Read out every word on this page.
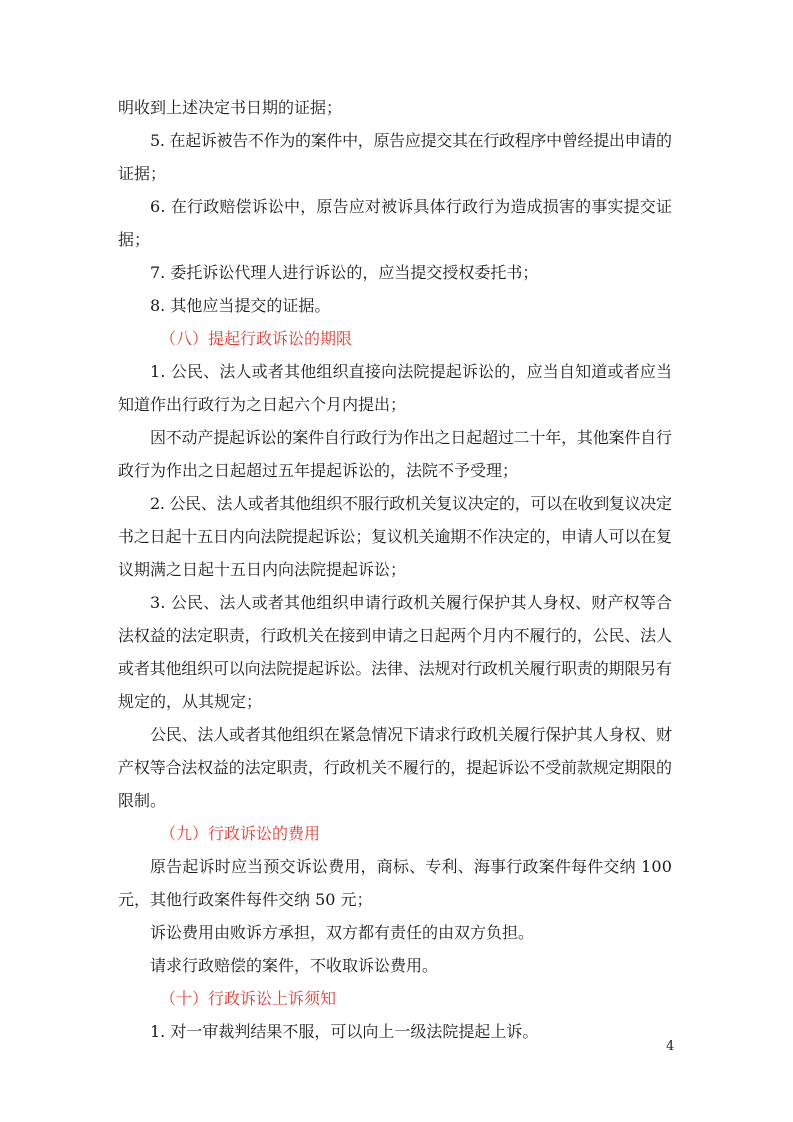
明收到上述决定书日期的证据；
5. 在起诉被告不作为的案件中，原告应提交其在行政程序中曾经提出申请的
证据；
6. 在行政赔偿诉讼中，原告应对被诉具体行政行为造成损害的事实提交证
据；
7. 委托诉讼代理人进行诉讼的，应当提交授权委托书；
8. 其他应当提交的证据。
（八）提起行政诉讼的期限
1. 公民、法人或者其他组织直接向法院提起诉讼的，应当自知道或者应当
知道作出行政行为之日起六个月内提出；
因不动产提起诉讼的案件自行政行为作出之日起超过二十年，其他案件自行
政行为作出之日起超过五年提起诉讼的，法院不予受理；
2. 公民、法人或者其他组织不服行政机关复议决定的，可以在收到复议决定
书之日起十五日内向法院提起诉讼；复议机关逾期不作决定的，申请人可以在复
议期满之日起十五日内向法院提起诉讼；
3. 公民、法人或者其他组织申请行政机关履行保护其人身权、财产权等合
法权益的法定职责，行政机关在接到申请之日起两个月内不履行的，公民、法人
或者其他组织可以向法院提起诉讼。法律、法规对行政机关履行职责的期限另有
规定的，从其规定；
公民、法人或者其他组织在紧急情况下请求行政机关履行保护其人身权、财
产权等合法权益的法定职责，行政机关不履行的，提起诉讼不受前款规定期限的
限制。
（九）行政诉讼的费用
原告起诉时应当预交诉讼费用，商标、专利、海事行政案件每件交纳 100
元，其他行政案件每件交纳 50 元；
诉讼费用由败诉方承担，双方都有责任的由双方负担。
请求行政赔偿的案件，不收取诉讼费用。
（十）行政诉讼上诉须知
1. 对一审裁判结果不服，可以向上一级法院提起上诉。
4
